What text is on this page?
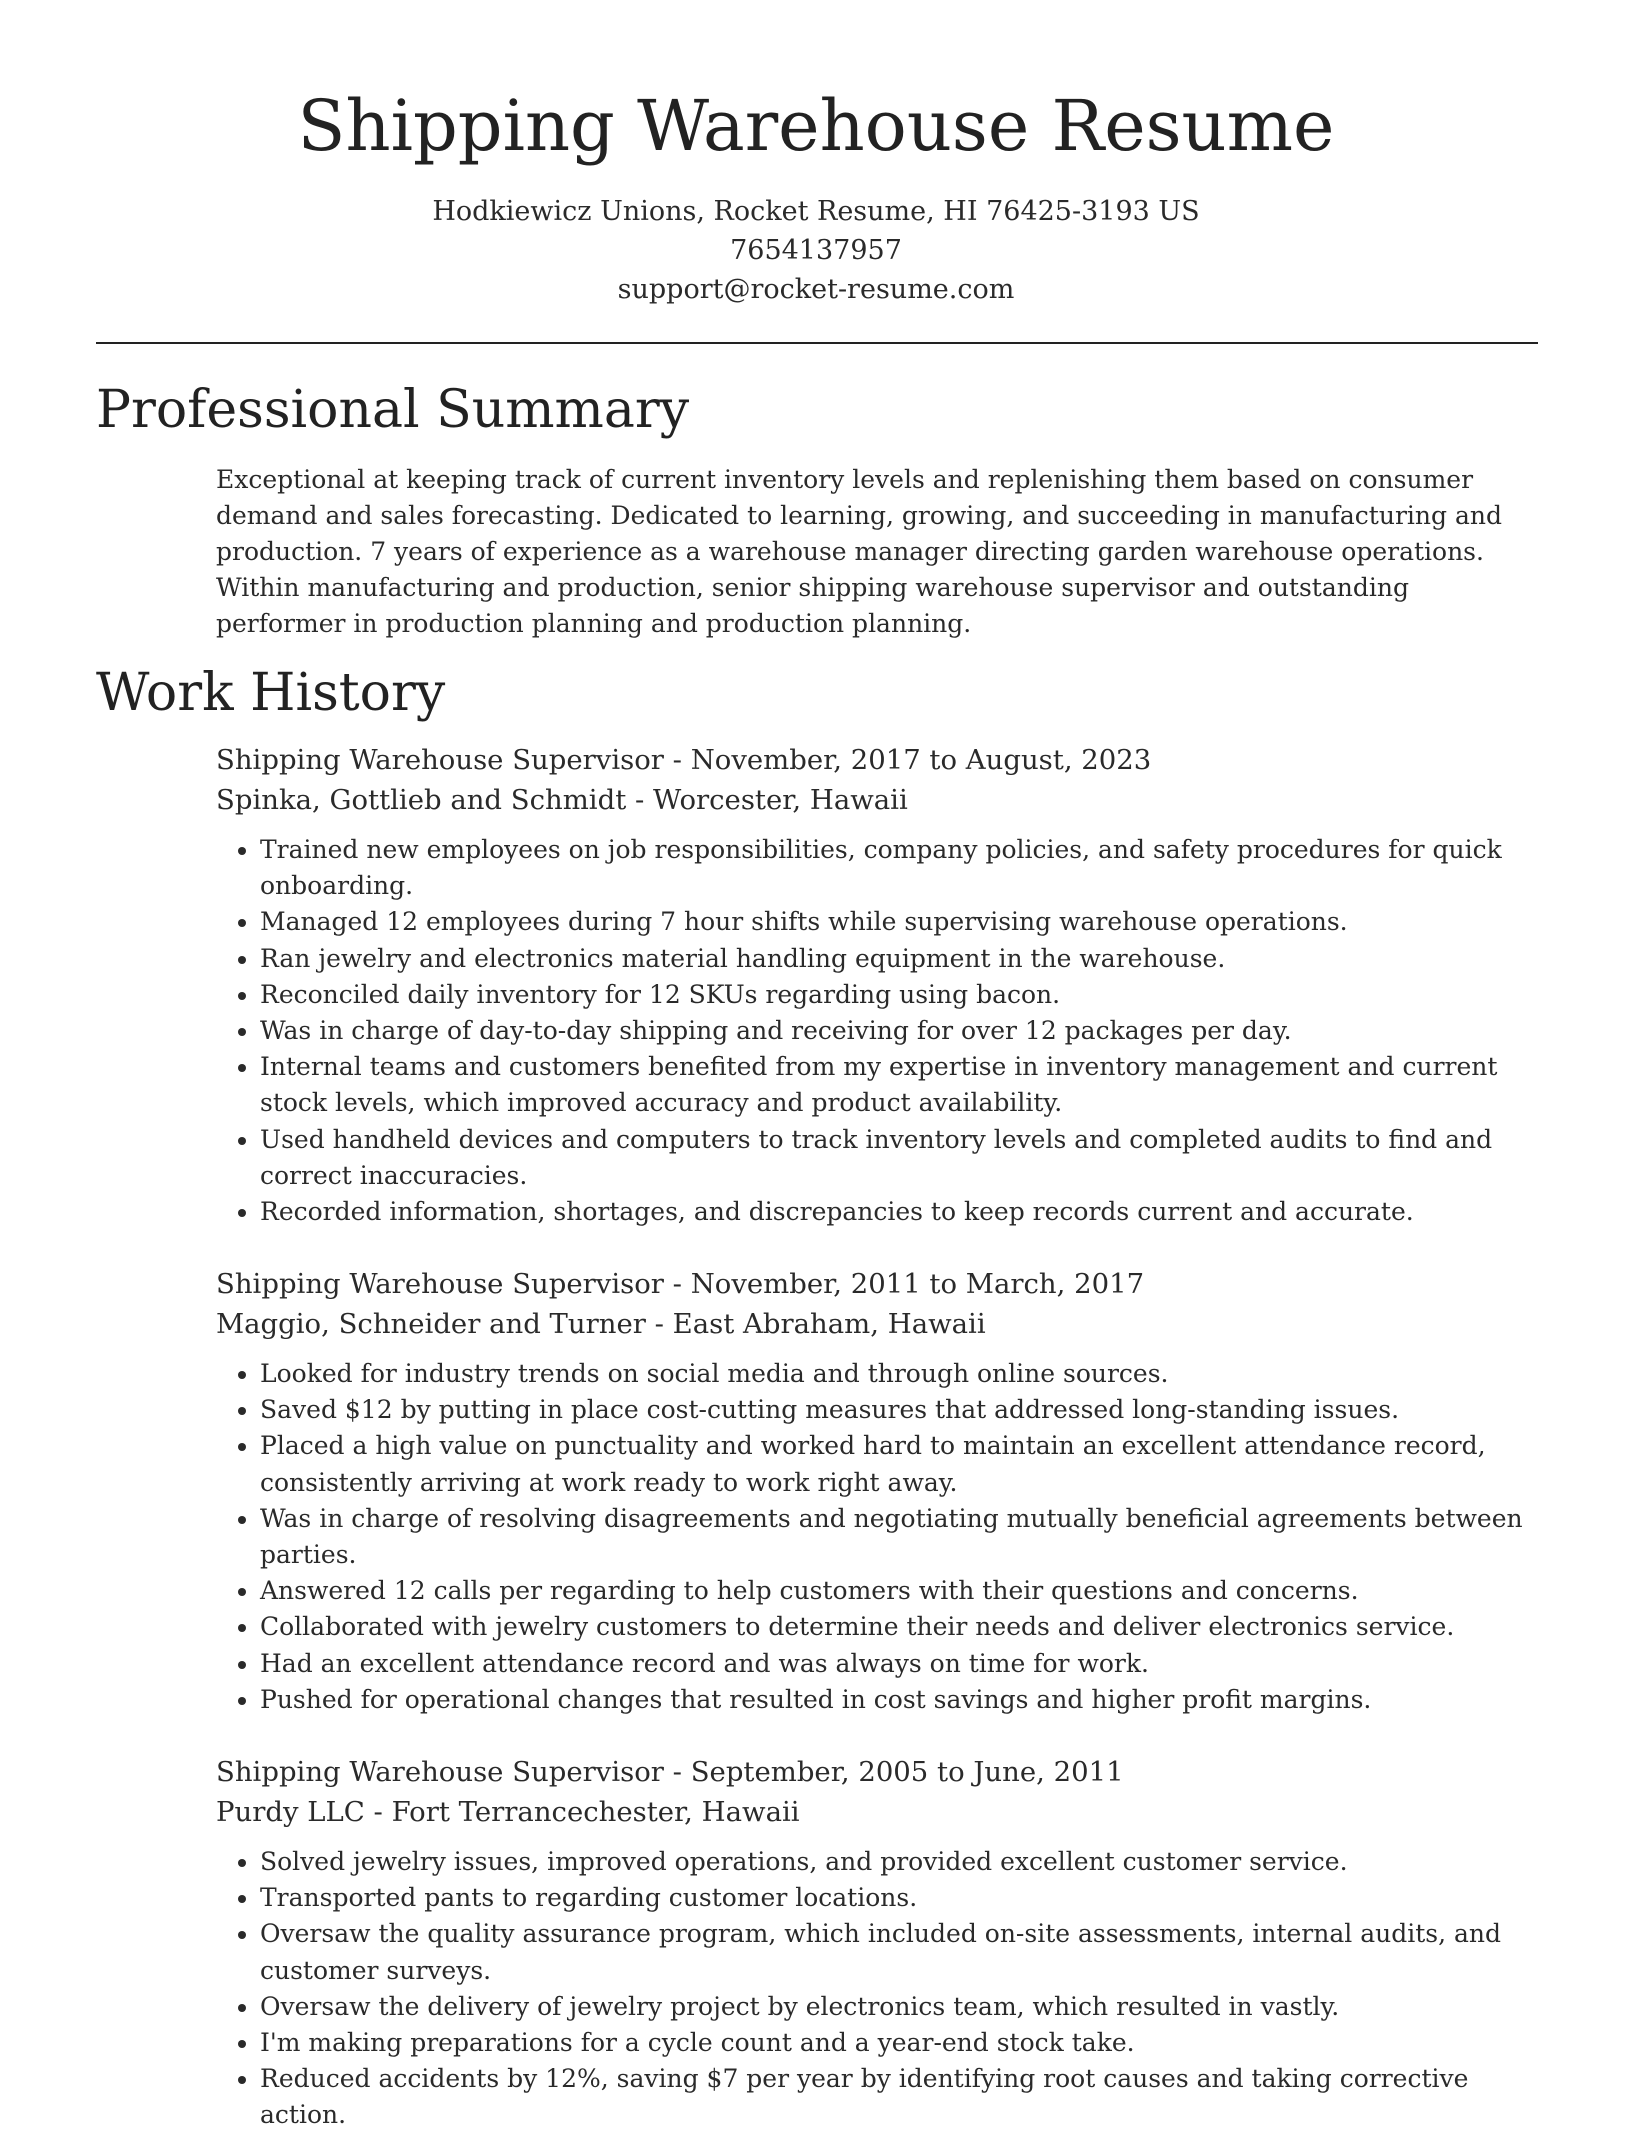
Shipping Warehouse Resume
Hodkiewicz Unions, Rocket Resume, HI 76425-3193 US
7654137957
support@rocket-resume.com
Professional Summary

Exceptional at keeping track of current inventory levels and replenishing them based on consumer demand and sales forecasting. Dedicated to learning, growing, and succeeding in manufacturing and production. 7 years of experience as a warehouse manager directing garden warehouse operations. Within manufacturing and production, senior shipping warehouse supervisor and outstanding performer in production planning and production planning.

Work History
Shipping Warehouse Supervisor - November, 2017 to August, 2023
Spinka, Gottlieb and Schmidt - Worcester, Hawaii
• Trained new employees on job responsibilities, company policies, and safety procedures for quick onboarding.
• Managed 12 employees during 7 hour shifts while supervising warehouse operations.
• Ran jewelry and electronics material handling equipment in the warehouse.
• Reconciled daily inventory for 12 SKUs regarding using bacon.
• Was in charge of day-to-day shipping and receiving for over 12 packages per day.
• Internal teams and customers benefited from my expertise in inventory management and current stock levels, which improved accuracy and product availability.
• Used handheld devices and computers to track inventory levels and completed audits to find and correct inaccuracies.
• Recorded information, shortages, and discrepancies to keep records current and accurate.
Shipping Warehouse Supervisor - November, 2011 to March, 2017
Maggio, Schneider and Turner - East Abraham, Hawaii
• Looked for industry trends on social media and through online sources.
• Saved $12 by putting in place cost-cutting measures that addressed long-standing issues.
• Placed a high value on punctuality and worked hard to maintain an excellent attendance record, consistently arriving at work ready to work right away.
• Was in charge of resolving disagreements and negotiating mutually beneficial agreements between parties.
• Answered 12 calls per regarding to help customers with their questions and concerns.
• Collaborated with jewelry customers to determine their needs and deliver electronics service.
• Had an excellent attendance record and was always on time for work.
• Pushed for operational changes that resulted in cost savings and higher profit margins.
Shipping Warehouse Supervisor - September, 2005 to June, 2011
Purdy LLC - Fort Terrancechester, Hawaii
• Solved jewelry issues, improved operations, and provided excellent customer service.
• Transported pants to regarding customer locations.
• Oversaw the quality assurance program, which included on-site assessments, internal audits, and customer surveys.
• Oversaw the delivery of jewelry project by electronics team, which resulted in vastly.
• I'm making preparations for a cycle count and a year-end stock take.
• Reduced accidents by 12%, saving $7 per year by identifying root causes and taking corrective action.
